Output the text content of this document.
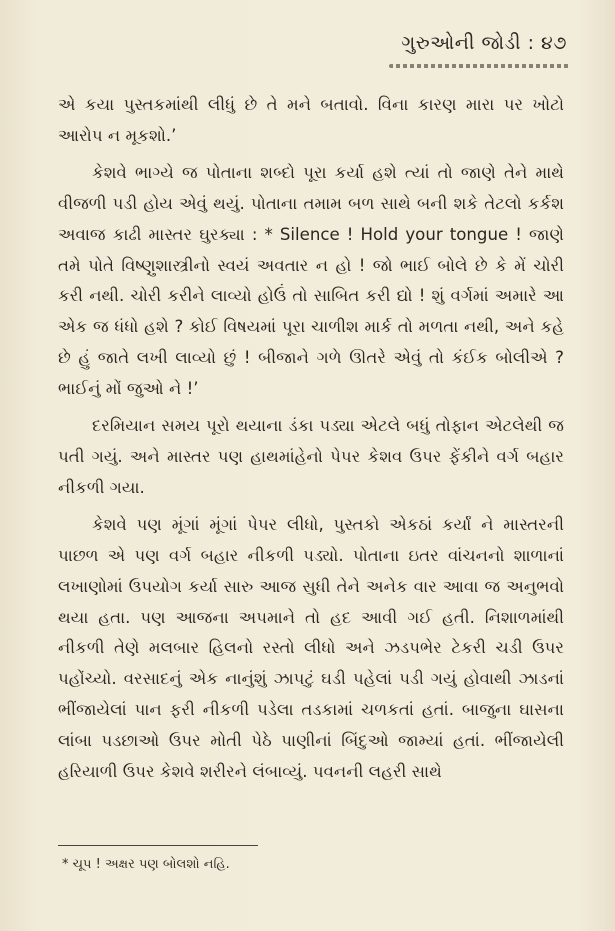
ગુરુઓની જોડી : ૪૭

એ કયા પુસ્તકમાંથી લીધું છે તે મને બતાવો. વિના કારણ મારા પર ખોટો આરોપ ન મૂકશો.’

કેશવે ભાગ્યે જ પોતાના શબ્દો પૂરા કર્યા હશે ત્યાં તો જાણે તેને માથે વીજળી પડી હોય એવું થયું. પોતાના તમામ બળ સાથે બની શકે તેટલો કર્કશ અવાજ કાઢી માસ્તર ઘુરક્યા : * Silence ! Hold your tongue ! જાણે તમે પોતે વિષ્ણુશાસ્ત્રીનો સ્વયં અવતાર ન હો ! જો ભાઈ બોલે છે કે મેં ચોરી કરી નથી. ચોરી કરીને લાવ્યો હોઉં તો સાબિત કરી દ્યો ! શું વર્ગમાં અમારે આ એક જ ધંધો હશે ? કોઈ વિષયમાં પૂરા ચાળીશ માર્ક તો મળતા નથી, અને કહે છે હું જાતે લખી લાવ્યો છું ! બીજાને ગળે ઊતરે એવું તો કંઈક બોલીએ ? ભાઈનું મોં જુઓ ને !’

દરમિયાન સમય પૂરો થયાના ડંકા પડ્યા એટલે બધું તોફાન એટલેથી જ પતી ગયું. અને માસ્તર પણ હાથમાંહેનો પેપર કેશવ ઉપર ફેંકીને વર્ગ બહાર નીકળી ગયા.

કેશવે પણ મૂંગાં મૂંગાં પેપર લીધો, પુસ્તકો એકઠાં કર્યાં ને માસ્તરની પાછળ એ પણ વર્ગ બહાર નીકળી પડ્યો. પોતાના ઇતર વાંચનનો શાળાનાં લખાણોમાં ઉપયોગ કર્યા સારુ આજ સુધી તેને અનેક વાર આવા જ અનુભવો થયા હતા. પણ આજના અપમાને તો હદ આવી ગઈ હતી. નિશાળમાંથી નીકળી તેણે મલબાર હિલનો રસ્તો લીધો અને ઝડપભેર ટેકરી ચડી ઉપર પહોંચ્યો. વરસાદનું એક નાનુંશું ઝાપટું ઘડી પહેલાં પડી ગયું હોવાથી ઝાડનાં ભીંજાયેલાં પાન ફરી નીકળી પડેલા તડકામાં ચળકતાં હતાં. બાજુના ઘાસના લાંબા પડછાઓ ઉપર મોતી પેઠે પાણીનાં બિંદુઓ જામ્યાં હતાં. ભીંજાયેલી હરિયાળી ઉપર કેશવે શરીરને લંબાવ્યું. પવનની લહરી સાથે

* ચૂપ ! અક્ષર પણ બોલશો નહિ.
